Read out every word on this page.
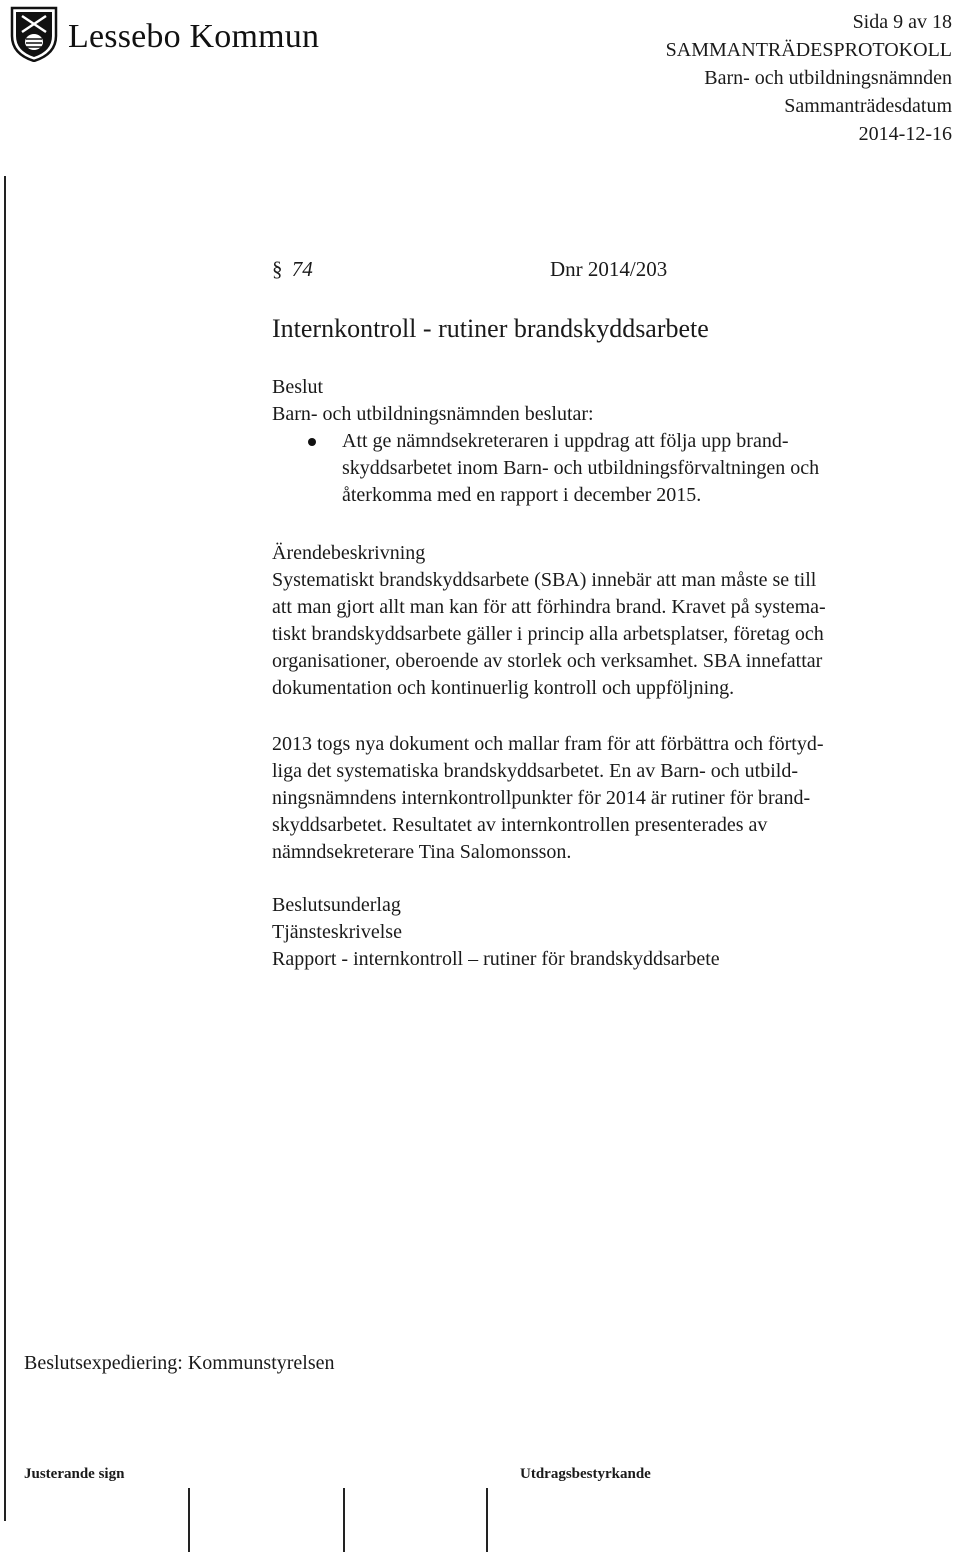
Lessebo Kommun	Sida 9 av 18
SAMMANTRÄDESPROTOKOLL
Barn- och utbildningsnämnden
Sammanträdesdatum
2014-12-16
§ 74	Dnr 2014/203
Internkontroll - rutiner brandskyddsarbete
Beslut
Barn- och utbildningsnämnden beslutar:
Att ge nämndsekreteraren i uppdrag att följa upp brand-
skyddsarbetet inom Barn- och utbildningsförvaltningen och
återkomma med en rapport i december 2015.
Ärendebeskrivning

Systematiskt brandskyddsarbete (SBA) innebär att man måste se till
att man gjort allt man kan för att förhindra brand. Kravet på systema-
tiskt brandskyddsarbete gäller i princip alla arbetsplatser, företag och
organisationer, oberoende av storlek och verksamhet. SBA innefattar
dokumentation och kontinuerlig kontroll och uppföljning.

2013 togs nya dokument och mallar fram för att förbättra och förtyd-
liga det systematiska brandskyddsarbetet. En av Barn- och utbild-
ningsnämndens internkontrollpunkter för 2014 är rutiner för brand-
skyddsarbetet. Resultatet av internkontrollen presenterades av
nämndsekreterare Tina Salomonsson.

Beslutsunderlag
Tjänsteskrivelse
Rapport - internkontroll – rutiner för brandskyddsarbete
Beslutsexpediering: Kommunstyrelsen
Justerande sign	Utdragsbestyrkande
